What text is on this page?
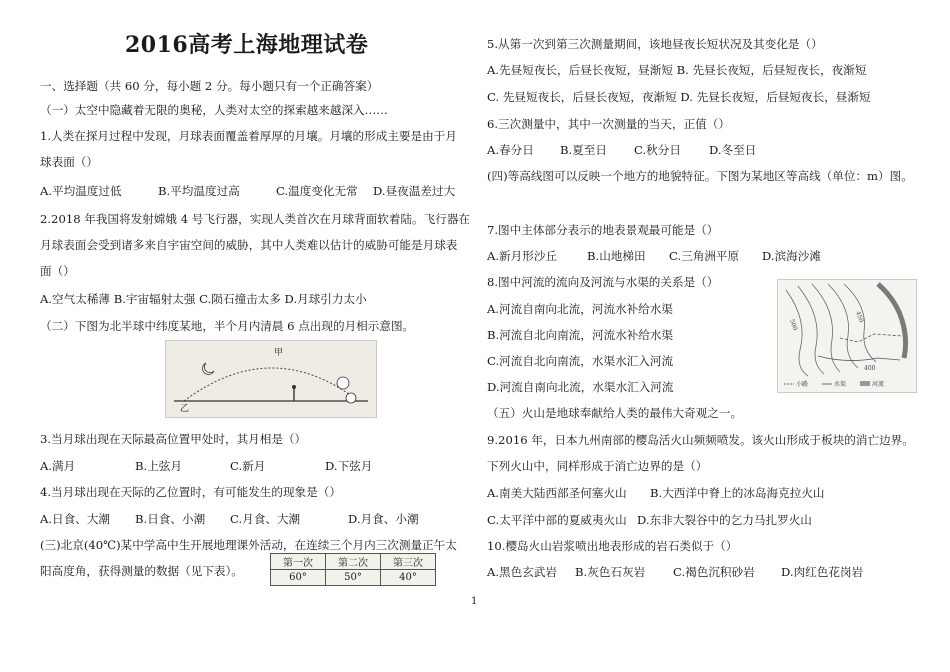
2016高考上海地理试卷
一、选择题（共 60 分，每小题 2 分。每小题只有一个正确答案）
（一）太空中隐藏着无限的奥秘，人类对太空的探索越来越深入……
1.人类在探月过程中发现，月球表面覆盖着厚厚的月壤。月壤的形成主要是由于月
球表面（）
A.平均温度过低	B.平均温度过高	C.温度变化无常 D.昼夜温差过大
2.2018 年我国将发射嫦娥 4 号飞行器，实现人类首次在月球背面软着陆。飞行器在
月球表面会受到诸多来自宇宙空间的威胁，其中人类难以估计的威胁可能是月球表
面（）
A.空气太稀薄 B.宇宙辐射太强 C.陨石撞击太多 D.月球引力太小
（二）下图为北半球中纬度某地，半个月内清晨 6 点出现的月相示意图。
甲
乙
3.当月球出现在天际最高位置甲处时，其月相是（）
A.满月	B.上弦月	C.新月	D.下弦月
4.当月球出现在天际的乙位置时，有可能发生的现象是（）
A.日食、大潮 B.日食、小潮 C.月食、大潮	D.月食、小潮
(三)北京(40℃)某中学高中生开展地理课外活动，在连续三个月内三次测量正午太
阳高度角，获得测量的数据（见下表）。
第一次	第二次	第三次
60°	50°	40°
5.从第一次到第三次测量期间，该地昼夜长短状况及其变化是（）
A.先昼短夜长，后昼长夜短，昼渐短 B. 先昼长夜短，后昼短夜长，夜渐短
C. 先昼短夜长，后昼长夜短，夜渐短 D. 先昼长夜短，后昼短夜长，昼渐短
6.三次测量中，其中一次测量的当天，正值（）
A.春分日 B.夏至日 C.秋分日 D.冬至日
(四)等高线图可以反映一个地方的地貌特征。下图为某地区等高线（单位：m）图。
7.图中主体部分表示的地表景观最可能是（）
A.新月形沙丘	B.山地梯田 C.三角洲平原 D.滨海沙滩
8.图中河流的流向及河流与水渠的关系是（）
A.河流自南向北流，河流水补给水渠
B.河流自北向南流，河流水补给水渠
C.河流自北向南流，水渠水汇入河流
D.河流自南向北流，水渠水汇入河流
500
450
400
小路	水渠	河流
（五）火山是地球奉献给人类的最伟大奇观之一。
9.2016 年，日本九州南部的樱岛活火山频频喷发。该火山形成于板块的消亡边界。
下列火山中，同样形成于消亡边界的是（）
A.南美大陆西部圣何塞火山 B.大西洋中脊上的冰岛海克拉火山
C.太平洋中部的夏威夷火山 D.东非大裂谷中的乞力马扎罗火山
10.樱岛火山岩浆喷出地表形成的岩石类似于（）
A.黑色玄武岩 B.灰色石灰岩 C.褐色沉积砂岩 D.肉红色花岗岩
1
